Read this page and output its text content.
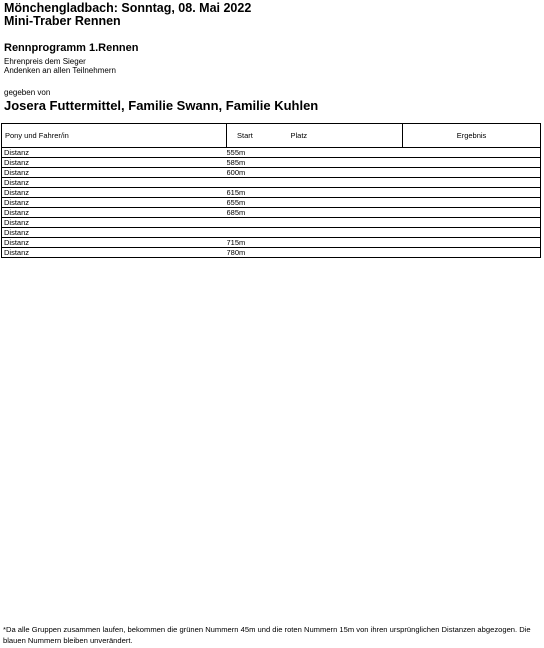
Mönchengladbach: Sonntag, 08. Mai 2022
Mini-Traber Rennen
Rennprogramm 1.Rennen
Ehrenpreis dem Sieger
Andenken an allen Teilnehmern
gegeben von
Josera Futtermittel, Familie Swann, Familie Kuhlen
Pony und Fahrer/in	Start		Platz	Ergebnis
Distanz	555m			
Distanz	585m			
Distanz	600m			
Distanz				
Distanz	615m			
Distanz	655m			
Distanz	685m			
Distanz				
Distanz				
Distanz	715m			
Distanz	780m			
*Da alle Gruppen zusammen laufen, bekommen die grünen Nummern 45m und die roten Nummern 15m von ihren ursprünglichen Distanzen abgezogen. Die blauen Nummern bleiben unverändert.
